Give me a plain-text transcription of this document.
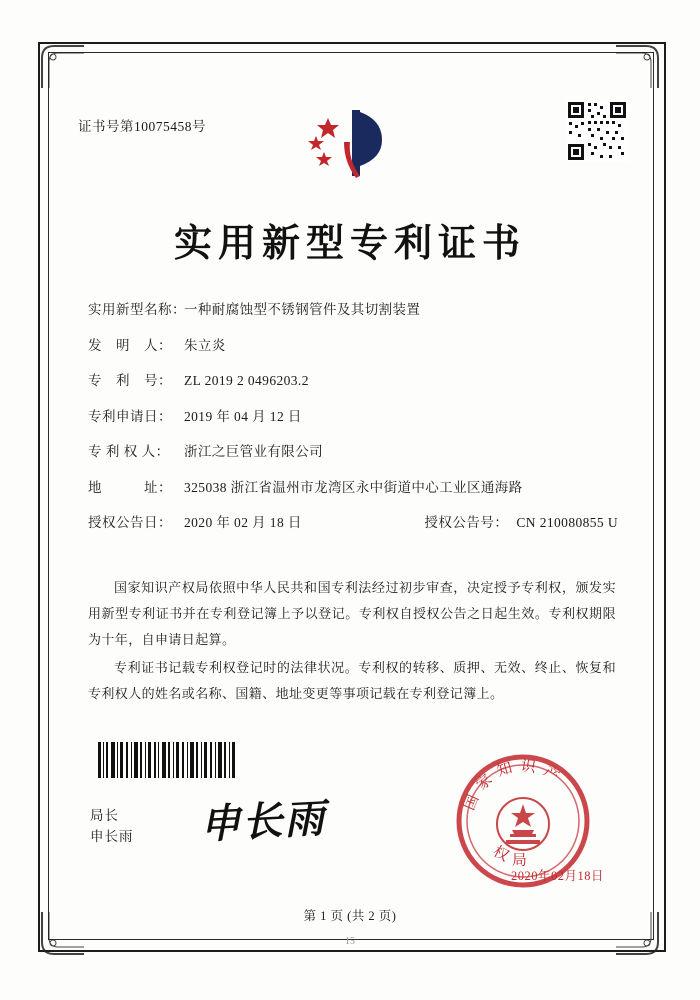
证书号第10075458号
实用新型专利证书
实用新型名称：
一种耐腐蚀型不锈钢管件及其切割装置
发　明　人： 朱立炎
专　利　号： ZL 2019 2 0496203.2
专利申请日： 2019 年 04 月 12 日
专 利 权 人：	浙江之巨管业有限公司
地　　　址： 325038 浙江省温州市龙湾区永中街道中心工业区通海路
授权公告日： 2020 年 02 月 18 日	授权公告号： CN 210080855 U

国家知识产权局依照中华人民共和国专利法经过初步审查，决定授予专利权，颁发实用新型专利证书并在专利登记簿上予以登记。专利权自授权公告之日起生效。专利权期限为十年，自申请日起算。

专利证书记载专利权登记时的法律状况。专利权的转移、质押、无效、终止、恢复和专利权人的姓名或名称、国籍、地址变更等事项记载在专利登记簿上。

局长
申长雨 申长雨	国家知识产
权局
2020年02月18日
第 1 页 (共 2 页)
15
